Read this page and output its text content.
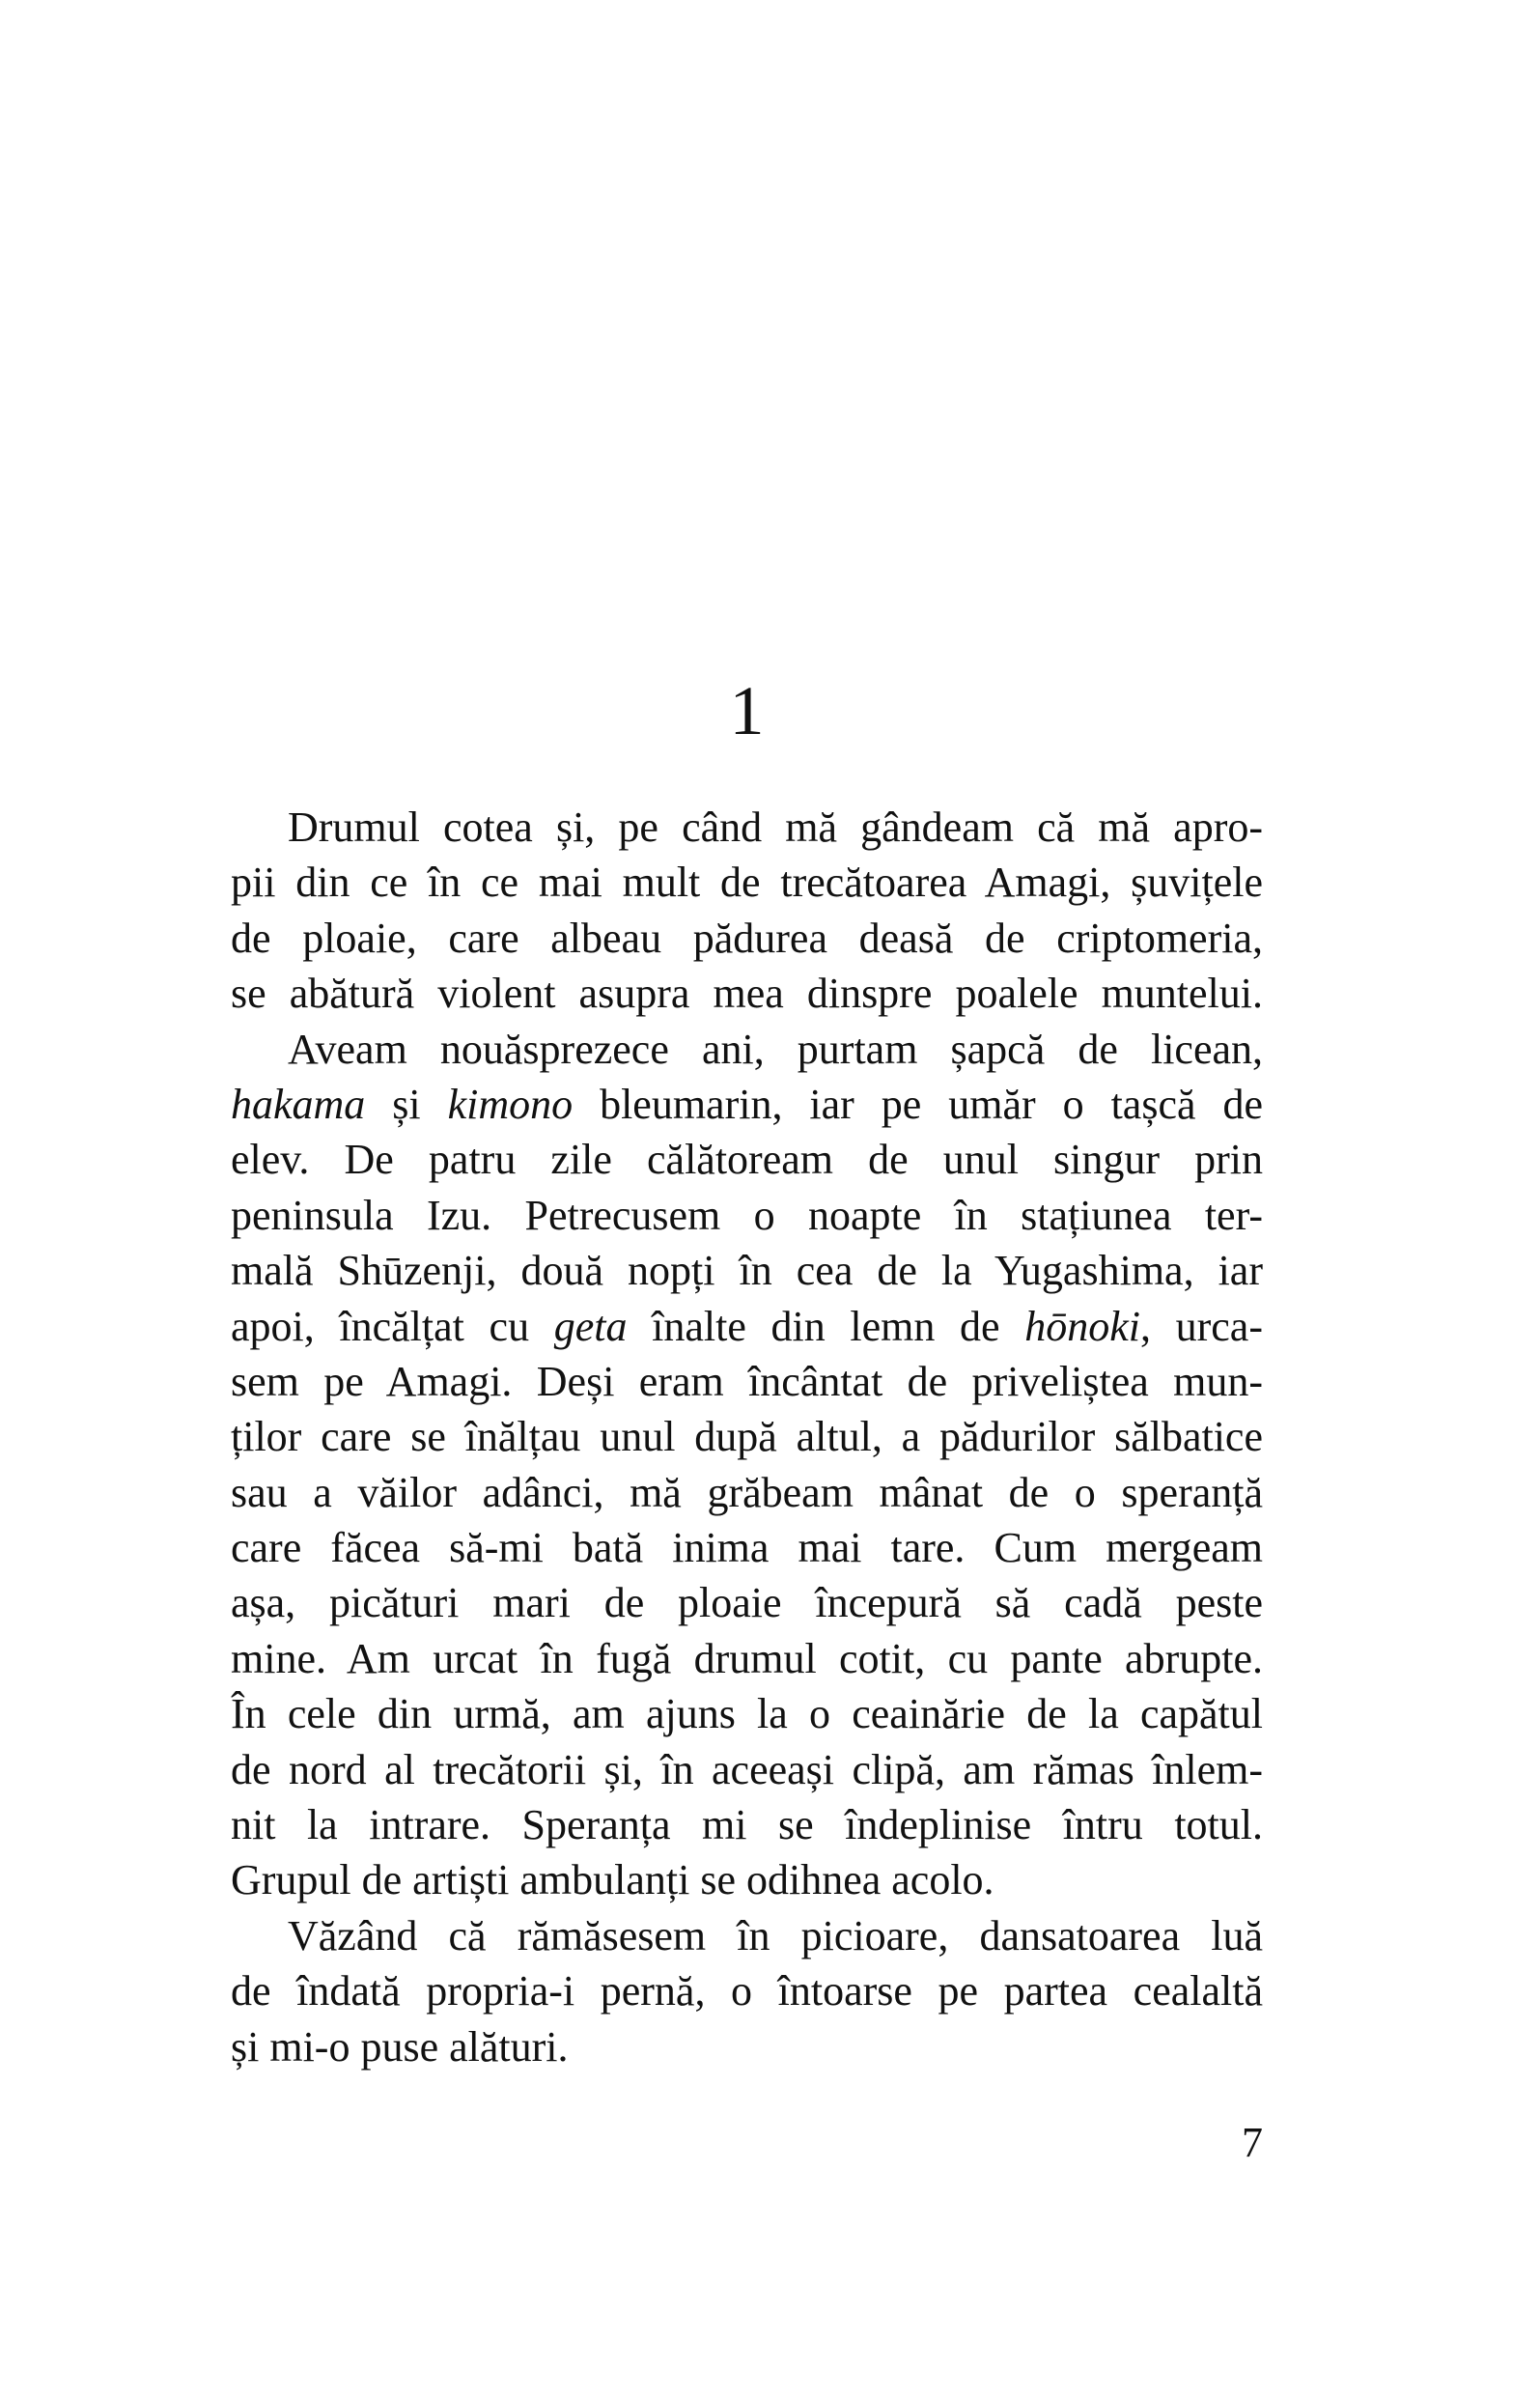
1
Drumul cotea și, pe când mă gândeam că mă apro-
pii din ce în ce mai mult de trecătoarea Amagi, șuvițele
de ploaie, care albeau pădurea deasă de criptomeria,
se abătură violent asupra mea dinspre poalele muntelui.
Aveam nouăsprezece ani, purtam șapcă de licean,
hakama și kimono bleumarin, iar pe umăr o tașcă de
elev. De patru zile călătoream de unul singur prin
peninsula Izu. Petrecusem o noapte în stațiunea ter-
mală Shūzenji, două nopți în cea de la Yugashima, iar
apoi, încălțat cu geta înalte din lemn de hōnoki, urca-
sem pe Amagi. Deși eram încântat de priveliștea mun-
ților care se înălțau unul după altul, a pădurilor sălbatice
sau a văilor adânci, mă grăbeam mânat de o speranță
care făcea să-mi bată inima mai tare. Cum mergeam
așa, picături mari de ploaie începură să cadă peste
mine. Am urcat în fugă drumul cotit, cu pante abrupte.
În cele din urmă, am ajuns la o ceainărie de la capătul
de nord al trecătorii și, în aceeași clipă, am rămas înlem-
nit la intrare. Speranța mi se îndeplinise întru totul.
Grupul de artiști ambulanți se odihnea acolo.
Văzând că rămăsesem în picioare, dansatoarea luă
de îndată propria-i pernă, o întoarse pe partea cealaltă
și mi-o puse alături.
7
